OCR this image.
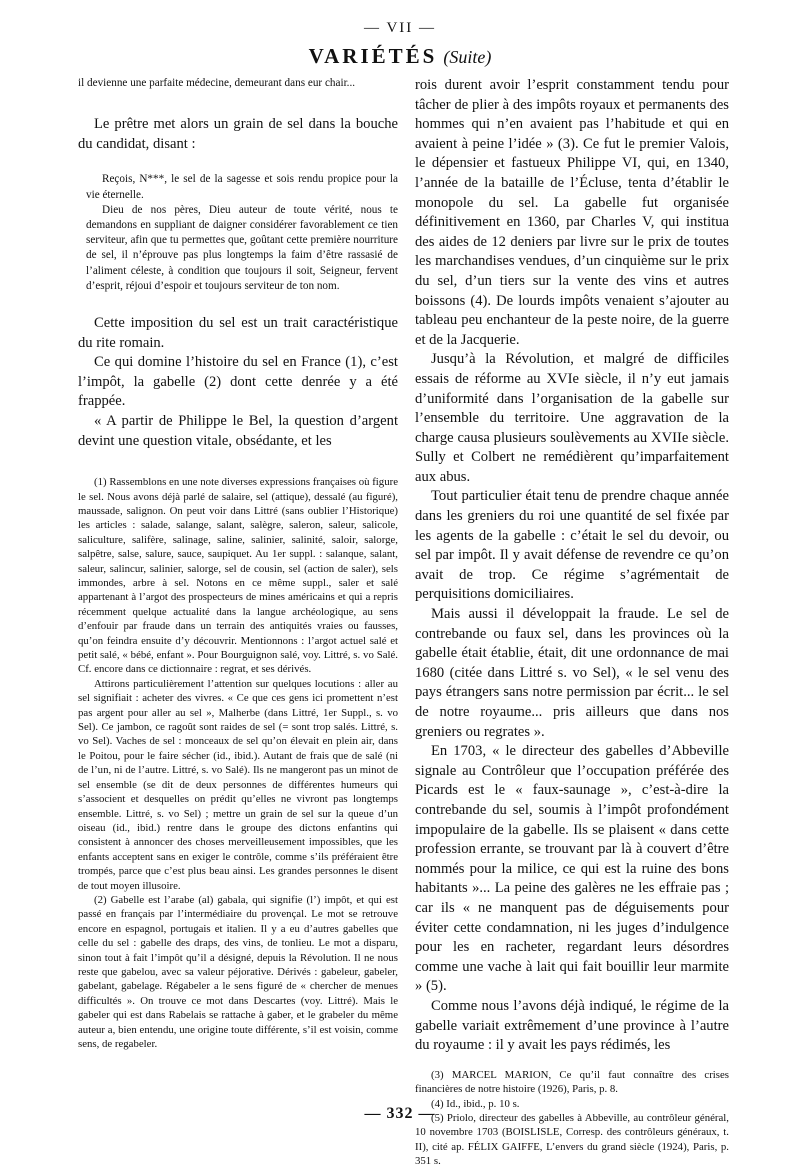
— VII —
VARIÉTÉS (Suite)

il devienne une parfaite médecine, demeurant dans eur chair...

Le prêtre met alors un grain de sel dans la bouche du candidat, disant :

Reçois, N***, le sel de la sagesse et sois rendu propice pour la vie éternelle.

Dieu de nos pères, Dieu auteur de toute vérité, nous te demandons en suppliant de daigner considérer favorablement ce tien serviteur, afin que tu permettes que, goûtant cette première nourriture de sel, il n’éprouve pas plus longtemps la faim d’être rassasié de l’aliment céleste, à condition que toujours il soit, Seigneur, fervent d’esprit, réjoui d’espoir et toujours serviteur de ton nom.

Cette imposition du sel est un trait caractéristique du rite romain.

Ce qui domine l’histoire du sel en France (1), c’est l’impôt, la gabelle (2) dont cette denrée y a été frappée.

« A partir de Philippe le Bel, la question d’argent devint une question vitale, obsédante, et les

(1) Rassemblons en une note diverses expressions françaises où figure le sel. Nous avons déjà parlé de salaire, sel (attique), dessalé (au figuré), maussade, salignon. On peut voir dans Littré (sans oublier l’Historique) les articles : salade, salange, salant, salègre, saleron, saleur, salicole, saliculture, salifère, salinage, saline, salinier, salinité, saloir, salorge, salpêtre, salse, salure, sauce, saupiquet. Au 1er suppl. : salanque, salant, saleur, salincur, salinier, salorge, sel de cousin, sel (action de saler), sels immondes, arbre à sel. Notons en ce même suppl., saler et salé appartenant à l’argot des prospecteurs de mines américains et qui a repris récemment quelque actualité dans la langue archéologique, au sens d’enfouir par fraude dans un terrain des antiquités vraies ou fausses, qu’on feindra ensuite d’y découvrir. Mentionnons : l’argot actuel salé et petit salé, « bébé, enfant ». Pour Bourguignon salé, voy. Littré, s. vo Salé. Cf. encore dans ce dictionnaire : regrat, et ses dérivés.

Attirons particulièrement l’attention sur quelques locutions : aller au sel signifiait : acheter des vivres. « Ce que ces gens ici promettent n’est pas argent pour aller au sel », Malherbe (dans Littré, 1er Suppl., s. vo Sel). Ce jambon, ce ragoût sont raides de sel (= sont trop salés. Littré, s. vo Sel). Vaches de sel : monceaux de sel qu’on élevait en plein air, dans le Poitou, pour le faire sécher (id., ibid.). Autant de frais que de salé (ni de l’un, ni de l’autre. Littré, s. vo Salé). Ils ne mangeront pas un minot de sel ensemble (se dit de deux personnes de différentes humeurs qui s’associent et desquelles on prédit qu’elles ne vivront pas longtemps ensemble. Littré, s. vo Sel) ; mettre un grain de sel sur la queue d’un oiseau (id., ibid.) rentre dans le groupe des dictons enfantins qui consistent à annoncer des choses merveilleusement impossibles, que les enfants acceptent sans en exiger le contrôle, comme s’ils préféraient être trompés, parce que c’est plus beau ainsi. Les grandes personnes le disent de tout moyen illusoire.

(2) Gabelle est l’arabe (al) gabala, qui signifie (l’) impôt, et qui est passé en français par l’intermédiaire du provençal. Le mot se retrouve encore en espagnol, portugais et italien. Il y a eu d’autres gabelles que celle du sel : gabelle des draps, des vins, de tonlieu. Le mot a disparu, sinon tout à fait l’impôt qu’il a désigné, depuis la Révolution. Il ne nous reste que gabelou, avec sa valeur péjorative. Dérivés : gabeleur, gabeler, gabelant, gabelage. Régabeler a le sens figuré de « chercher de menues difficultés ». On trouve ce mot dans Descartes (voy. Littré). Mais le gabeler qui est dans Rabelais se rattache à gaber, et le grabeler du même auteur a, bien entendu, une origine toute différente, s’il est voisin, comme sens, de regabeler.

rois durent avoir l’esprit constamment tendu pour tâcher de plier à des impôts royaux et permanents des hommes qui n’en avaient pas l’habitude et qui en avaient à peine l’idée » (3). Ce fut le premier Valois, le dépensier et fastueux Philippe VI, qui, en 1340, l’année de la bataille de l’Écluse, tenta d’établir le monopole du sel. La gabelle fut organisée définitivement en 1360, par Charles V, qui institua des aides de 12 deniers par livre sur le prix de toutes les marchandises vendues, d’un cinquième sur le prix du sel, d’un tiers sur la vente des vins et autres boissons (4). De lourds impôts venaient s’ajouter au tableau peu enchanteur de la peste noire, de la guerre et de la Jacquerie.

Jusqu’à la Révolution, et malgré de difficiles essais de réforme au XVIe siècle, il n’y eut jamais d’uniformité dans l’organisation de la gabelle sur l’ensemble du territoire. Une aggravation de la charge causa plusieurs soulèvements au XVIIe siècle. Sully et Colbert ne remédièrent qu’imparfaitement aux abus.

Tout particulier était tenu de prendre chaque année dans les greniers du roi une quantité de sel fixée par les agents de la gabelle : c’était le sel du devoir, ou sel par impôt. Il y avait défense de revendre ce qu’on avait de trop. Ce régime s’agrémentait de perquisitions domiciliaires.

Mais aussi il développait la fraude. Le sel de contrebande ou faux sel, dans les provinces où la gabelle était établie, était, dit une ordonnance de mai 1680 (citée dans Littré s. vo Sel), « le sel venu des pays étrangers sans notre permission par écrit... le sel de notre royaume... pris ailleurs que dans nos greniers ou regrates ».

En 1703, « le directeur des gabelles d’Abbeville signale au Contrôleur que l’occupation préférée des Picards est le « faux-saunage », c’est-à-dire la contrebande du sel, soumis à l’impôt profondément impopulaire de la gabelle. Ils se plaisent « dans cette profession errante, se trouvant par là à couvert d’être nommés pour la milice, ce qui est la ruine des bons habitants »... La peine des galères ne les effraie pas ; car ils « ne manquent pas de déguisements pour éviter cette condamnation, ni les juges d’indulgence pour les en racheter, regardant leurs désordres comme une vache à lait qui fait bouillir leur marmite » (5).

Comme nous l’avons déjà indiqué, le régime de la gabelle variait extrêmement d’une province à l’autre du royaume : il y avait les pays rédimés, les

(3) MARCEL MARION, Ce qu’il faut connaître des crises financières de notre histoire (1926), Paris, p. 8.

(4) Id., ibid., p. 10 s.

(5) Priolo, directeur des gabelles à Abbeville, au contrôleur général, 10 novembre 1703 (BOISLISLE, Corresp. des contrôleurs généraux, t. II), cité ap. FÉLIX GAIFFE, L’envers du grand siècle (1924), Paris, p. 351 s.

— 332 —
